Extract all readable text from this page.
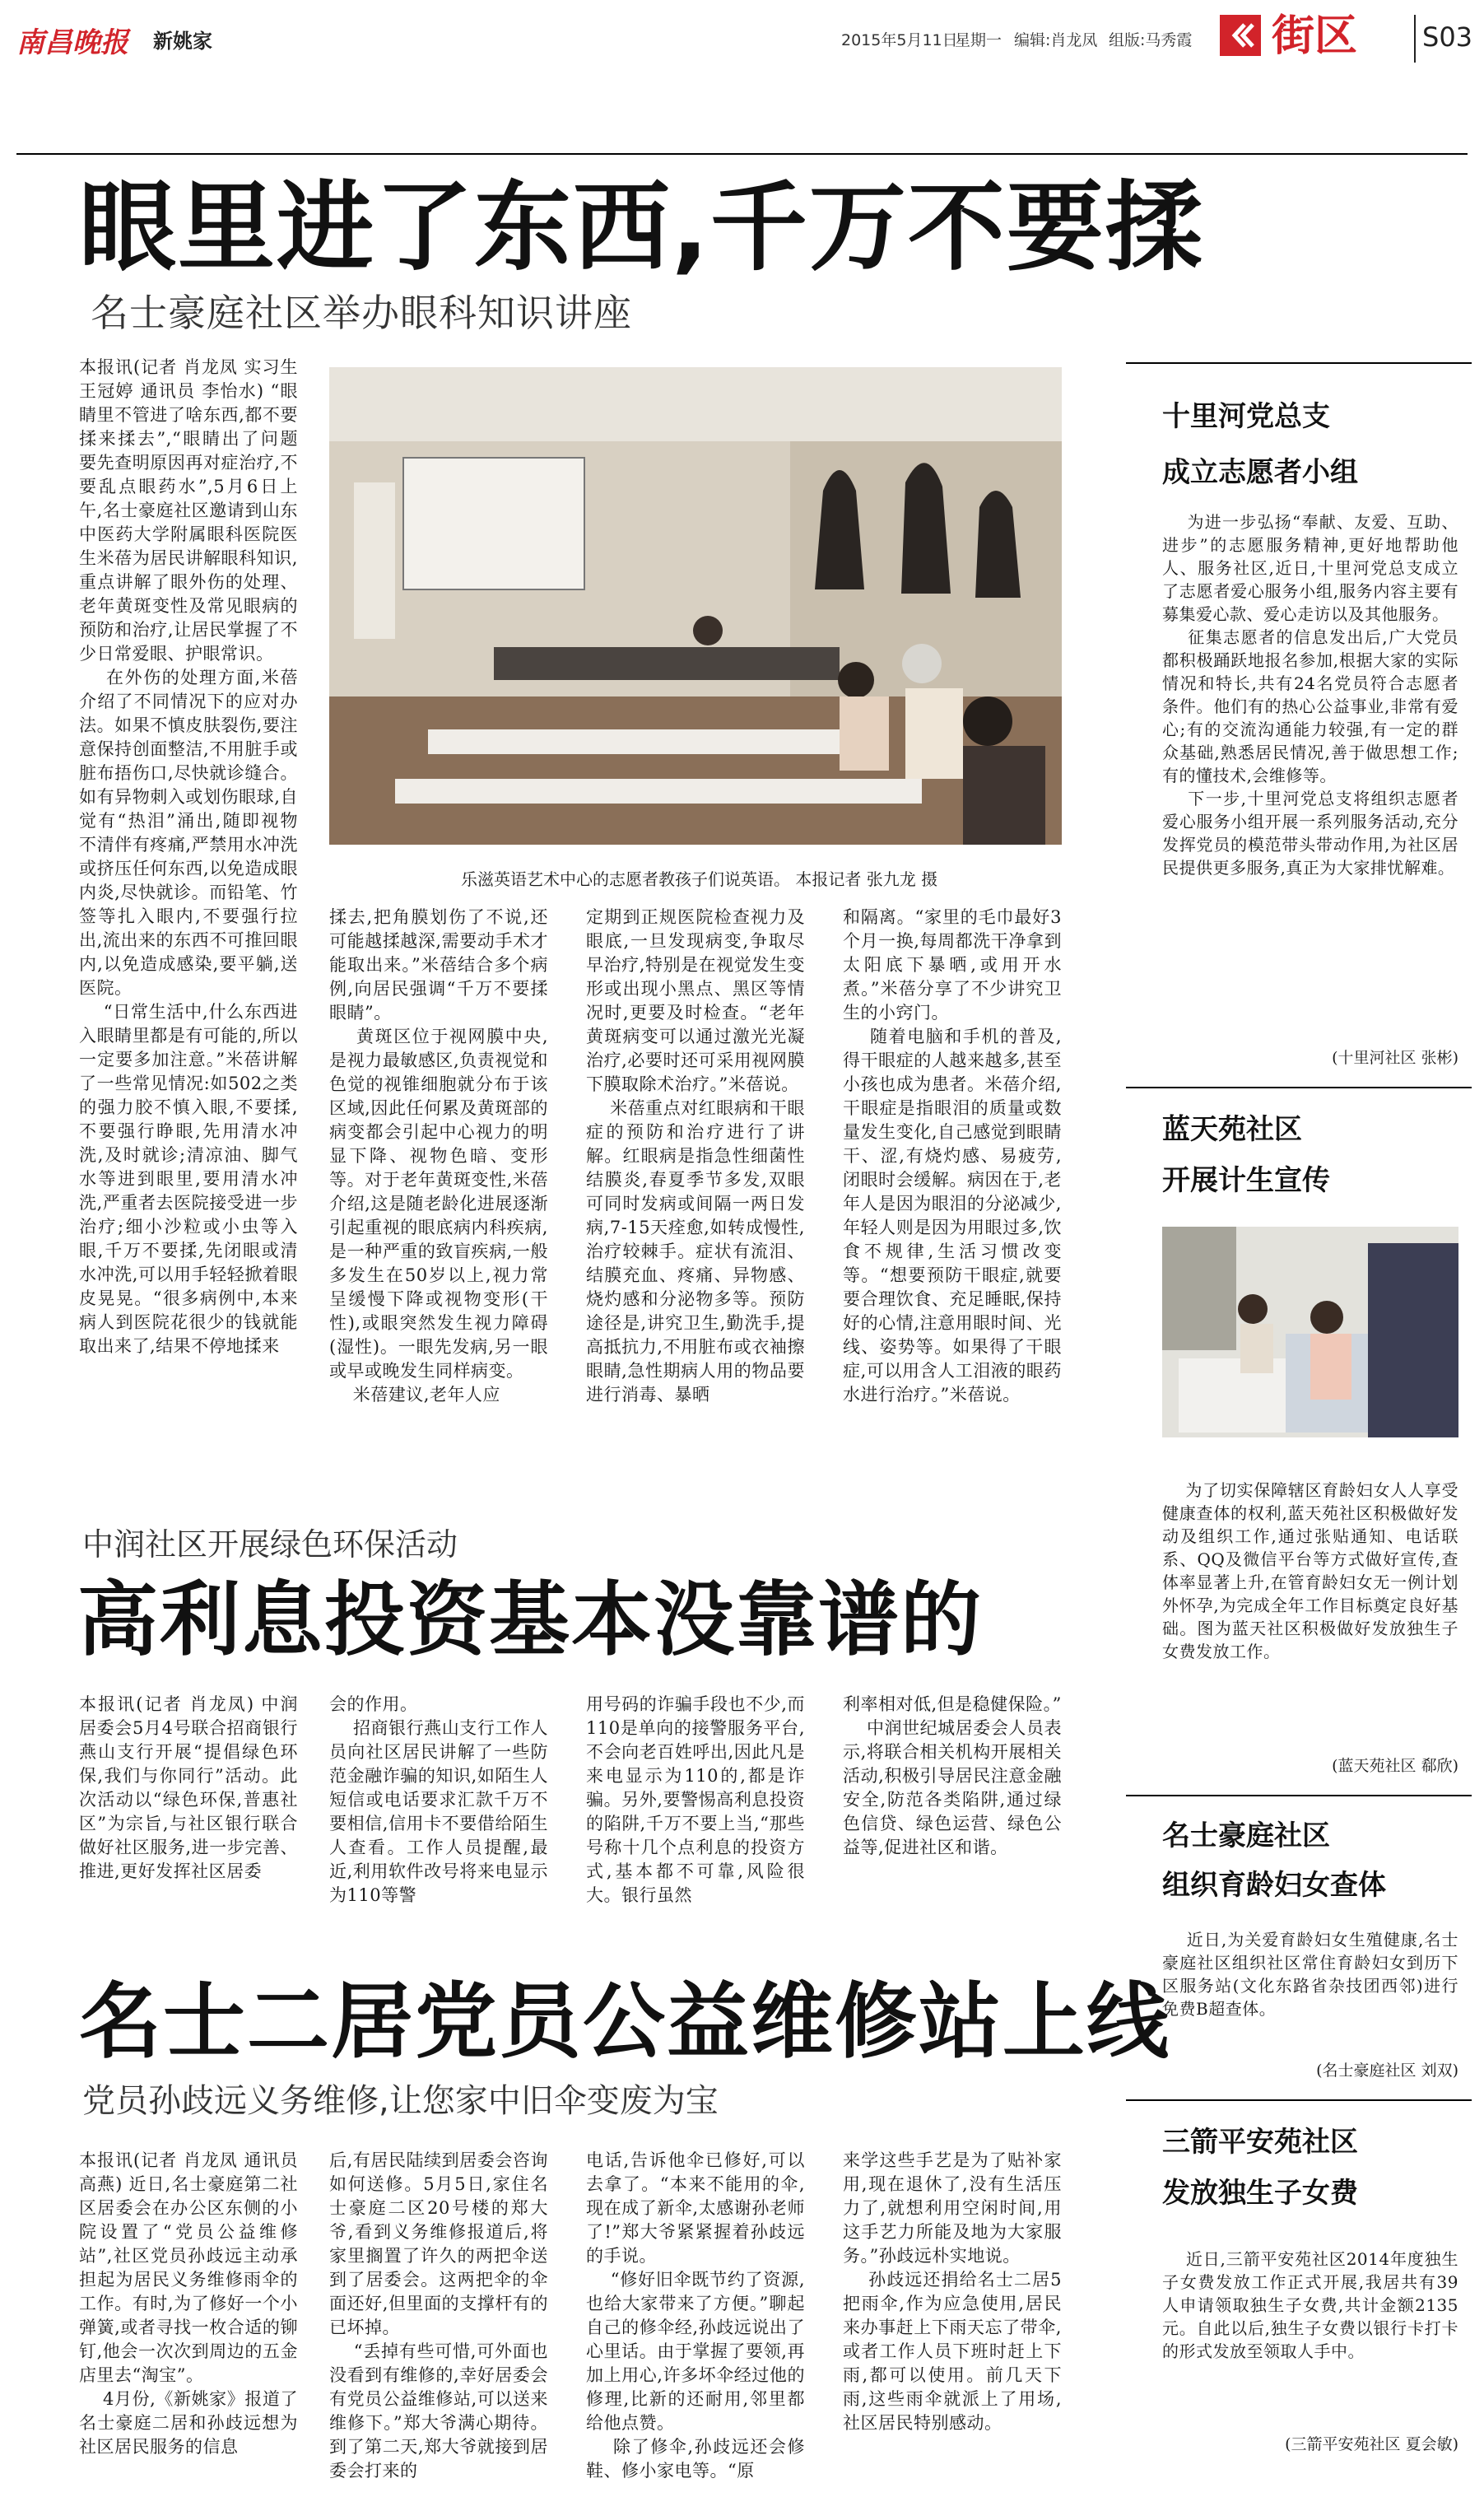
南昌晚报 新姚家	2015年5月11日
星期一 编辑:肖龙凤 组版:马秀霞 街区 S03
眼里进了东西,千万不要揉
名士豪庭社区举办眼科知识讲座
本报讯(记者 肖龙凤 实习生 王冠婷 通讯员 李怡水) “眼睛里不管进了啥东西,都不要揉来揉去”,“眼睛出了问题要先查明原因再对症治疗,不要乱点眼药水”,5月6日上午,名士豪庭社区邀请到山东中医药大学附属眼科医院医生米蓓为居民讲解眼科知识,重点讲解了眼外伤的处理、老年黄斑变性及常见眼病的预防和治疗,让居民掌握了不少日常爱眼、护眼常识。
在外伤的处理方面,米蓓介绍了不同情况下的应对办法。如果不慎皮肤裂伤,要注意保持创面整洁,不用脏手或脏布捂伤口,尽快就诊缝合。如有异物刺入或划伤眼球,自觉有“热泪”涌出,随即视物不清伴有疼痛,严禁用水冲洗或挤压任何东西,以免造成眼内炎,尽快就诊。而铅笔、竹签等扎入眼内,不要强行拉出,流出来的东西不可推回眼内,以免造成感染,要平躺,送医院。
“日常生活中,什么东西进入眼睛里都是有可能的,所以一定要多加注意。”米蓓讲解了一些常见情况:如502之类的强力胶不慎入眼,不要揉,不要强行睁眼,先用清水冲洗,及时就诊;清凉油、脚气水等进到眼里,要用清水冲洗,严重者去医院接受进一步治疗;细小沙粒或小虫等入眼,千万不要揉,先闭眼或清水冲洗,可以用手轻轻掀着眼皮晃晃。“很多病例中,本来病人到医院花很少的钱就能取出来了,结果不停地揉来
乐滋英语艺术中心的志愿者教孩子们说英语。 本报记者 张九龙 摄
揉去,把角膜划伤了不说,还可能越揉越深,需要动手术才能取出来。”米蓓结合多个病例,向居民强调“千万不要揉眼睛”。
黄斑区位于视网膜中央,是视力最敏感区,负责视觉和色觉的视锥细胞就分布于该区域,因此任何累及黄斑部的病变都会引起中心视力的明显下降、视物色暗、变形等。对于老年黄斑变性,米蓓介绍,这是随老龄化进展逐渐引起重视的眼底病内科疾病,是一种严重的致盲疾病,一般多发生在50岁以上,视力常呈缓慢下降或视物变形(干性),或眼突然发生视力障碍(湿性)。一眼先发病,另一眼或早或晚发生同样病变。
米蓓建议,老年人应
定期到正规医院检查视力及眼底,一旦发现病变,争取尽早治疗,特别是在视觉发生变形或出现小黑点、黑区等情况时,更要及时检查。“老年黄斑病变可以通过激光光凝治疗,必要时还可采用视网膜下膜取除术治疗。”米蓓说。
米蓓重点对红眼病和干眼症的预防和治疗进行了讲解。红眼病是指急性细菌性结膜炎,春夏季节多发,双眼可同时发病或间隔一两日发病,7-15天痊愈,如转成慢性,治疗较棘手。症状有流泪、结膜充血、疼痛、异物感、烧灼感和分泌物多等。预防途径是,讲究卫生,勤洗手,提高抵抗力,不用脏布或衣袖擦眼睛,急性期病人用的物品要进行消毒、暴晒
和隔离。“家里的毛巾最好3个月一换,每周都洗干净拿到太阳底下暴晒,或用开水煮。”米蓓分享了不少讲究卫生的小窍门。
随着电脑和手机的普及,得干眼症的人越来越多,甚至小孩也成为患者。米蓓介绍,干眼症是指眼泪的质量或数量发生变化,自己感觉到眼睛干、涩,有烧灼感、易疲劳,闭眼时会缓解。病因在于,老年人是因为眼泪的分泌减少,年轻人则是因为用眼过多,饮食不规律,生活习惯改变等。“想要预防干眼症,就要要合理饮食、充足睡眠,保持好的心情,注意用眼时间、光线、姿势等。如果得了干眼症,可以用含人工泪液的眼药水进行治疗。”米蓓说。
中润社区开展绿色环保活动
高利息投资基本没靠谱的
本报讯(记者 肖龙凤) 中润居委会5月4号联合招商银行燕山支行开展“提倡绿色环保,我们与你同行”活动。此次活动以“绿色环保,普惠社区”为宗旨,与社区银行联合做好社区服务,进一步完善、推进,更好发挥社区居委
会的作用。
招商银行燕山支行工作人员向社区居民讲解了一些防范金融诈骗的知识,如陌生人短信或电话要求汇款千万不要相信,信用卡不要借给陌生人查看。工作人员提醒,最近,利用软件改号将来电显示为110等警
用号码的诈骗手段也不少,而110是单向的接警服务平台,不会向老百姓呼出,因此凡是来电显示为110的,都是诈骗。另外,要警惕高利息投资的陷阱,千万不要上当,“那些号称十几个点利息的投资方式,基本都不可靠,风险很大。银行虽然
利率相对低,但是稳健保险。”
中润世纪城居委会人员表示,将联合相关机构开展相关活动,积极引导居民注意金融安全,防范各类陷阱,通过绿色信贷、绿色运营、绿色公益等,促进社区和谐。
名士二居党员公益维修站上线
党员孙歧远义务维修,让您家中旧伞变废为宝
本报讯(记者 肖龙凤 通讯员 高燕) 近日,名士豪庭第二社区居委会在办公区东侧的小院设置了“党员公益维修站”,社区党员孙歧远主动承担起为居民义务维修雨伞的工作。有时,为了修好一个小弹簧,或者寻找一枚合适的铆钉,他会一次次到周边的五金店里去“淘宝”。
4月份,《新姚家》报道了名士豪庭二居和孙歧远想为社区居民服务的信息
后,有居民陆续到居委会咨询如何送修。5月5日,家住名士豪庭二区20号楼的郑大爷,看到义务维修报道后,将家里搁置了许久的两把伞送到了居委会。这两把伞的伞面还好,但里面的支撑杆有的已坏掉。
“丢掉有些可惜,可外面也没看到有维修的,幸好居委会有党员公益维修站,可以送来维修下。”郑大爷满心期待。到了第二天,郑大爷就接到居委会打来的
电话,告诉他伞已修好,可以去拿了。“本来不能用的伞,现在成了新伞,太感谢孙老师了!”郑大爷紧紧握着孙歧远的手说。
“修好旧伞既节约了资源,也给大家带来了方便。”聊起自己的修伞经,孙歧远说出了心里话。由于掌握了要领,再加上用心,许多坏伞经过他的修理,比新的还耐用,邻里都给他点赞。
除了修伞,孙歧远还会修鞋、修小家电等。“原
来学这些手艺是为了贴补家用,现在退休了,没有生活压力了,就想利用空闲时间,用这手艺力所能及地为大家服务。”孙歧远朴实地说。
孙歧远还捐给名士二居5把雨伞,作为应急使用,居民来办事赶上下雨天忘了带伞,或者工作人员下班时赶上下雨,都可以使用。前几天下雨,这些雨伞就派上了用场,社区居民特别感动。
十里河党总支
成立志愿者小组
为进一步弘扬“奉献、友爱、互助、进步”的志愿服务精神,更好地帮助他人、服务社区,近日,十里河党总支成立了志愿者爱心服务小组,服务内容主要有募集爱心款、爱心走访以及其他服务。
征集志愿者的信息发出后,广大党员都积极踊跃地报名参加,根据大家的实际情况和特长,共有24名党员符合志愿者条件。他们有的热心公益事业,非常有爱心;有的交流沟通能力较强,有一定的群众基础,熟悉居民情况,善于做思想工作;有的懂技术,会维修等。
下一步,十里河党总支将组织志愿者爱心服务小组开展一系列服务活动,充分发挥党员的模范带头带动作用,为社区居民提供更多服务,真正为大家排忧解难。
(十里河社区 张彬)
蓝天苑社区
开展计生宣传
为了切实保障辖区育龄妇女人人享受健康查体的权利,蓝天苑社区积极做好发动及组织工作,通过张贴通知、电话联系、QQ及微信平台等方式做好宣传,查体率显著上升,在管育龄妇女无一例计划外怀孕,为完成全年工作目标奠定良好基础。图为蓝天社区积极做好发放独生子女费发放工作。
(蓝天苑社区 郗欣)
名士豪庭社区
组织育龄妇女查体
近日,为关爱育龄妇女生殖健康,名士豪庭社区组织社区常住育龄妇女到历下区服务站(文化东路省杂技团西邻)进行免费B超查体。
(名士豪庭社区 刘双)
三箭平安苑社区
发放独生子女费
近日,三箭平安苑社区2014年度独生子女费发放工作正式开展,我居共有39人申请领取独生子女费,共计金额2135元。自此以后,独生子女费以银行卡打卡的形式发放至领取人手中。
(三箭平安苑社区 夏会敏)
